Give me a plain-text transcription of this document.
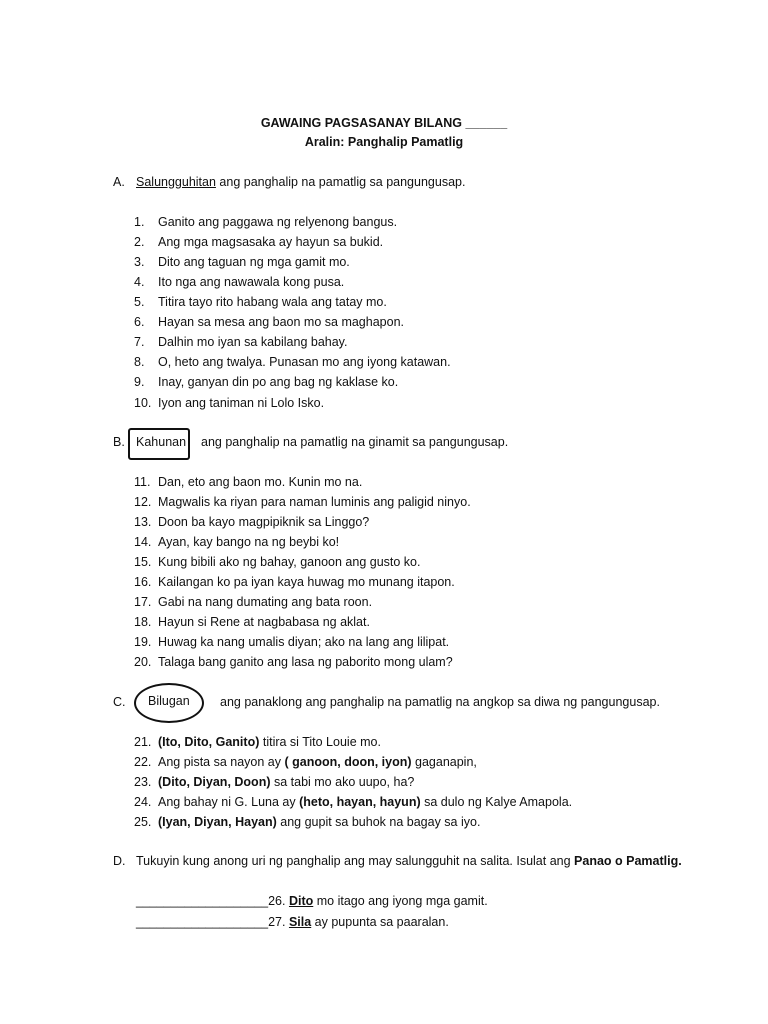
GAWAING PAGSASANAY BILANG ______
Aralin: Panghalip Pamatlig
A. Salungguhitan ang panghalip na pamatlig sa pangungusap.
1.	Ganito ang paggawa ng relyenong bangus.
2.	Ang mga magsasaka ay hayun sa bukid.
3.	Dito ang taguan ng mga gamit mo.
4.	Ito nga ang nawawala kong pusa.
5.	Titira tayo rito habang wala ang tatay mo.
6.	Hayan sa mesa ang baon mo sa maghapon.
7.	Dalhin mo iyan sa kabilang bahay.
8.	O, heto ang twalya. Punasan mo ang iyong katawan.
9.	Inay, ganyan din po ang bag ng kaklase ko.
10. Iyon ang taniman ni Lolo Isko.
B. Kahunan ang panghalip na pamatlig na ginamit sa pangungusap.
11. Dan, eto ang baon mo. Kunin mo na.
12. Magwalis ka riyan para naman luminis ang paligid ninyo.
13. Doon ba kayo magpipiknik sa Linggo?
14. Ayan, kay bango na ng beybi ko!
15. Kung bibili ako ng bahay, ganoon ang gusto ko.
16. Kailangan ko pa iyan kaya huwag mo munang itapon.
17. Gabi na nang dumating ang bata roon.
18. Hayun si Rene at nagbabasa ng aklat.
19. Huwag ka nang umalis diyan; ako na lang ang lilipat.
20. Talaga bang ganito ang lasa ng paborito mong ulam?
C. Bilugan ang panaklong ang panghalip na pamatlig na angkop sa diwa ng pangungusap.
21. (Ito, Dito, Ganito) titira si Tito Louie mo.
22. Ang pista sa nayon ay ( ganoon, doon, iyon) gaganapin,
23. (Dito, Diyan, Doon) sa tabi mo ako uupo, ha?
24. Ang bahay ni G. Luna ay (heto, hayan, hayun) sa dulo ng Kalye Amapola.
25. (Iyan, Diyan, Hayan) ang gupit sa buhok na bagay sa iyo.
D. Tukuyin kung anong uri ng panghalip ang may salungguhit na salita. Isulat ang Panao o Pamatlig.
___________________26. Dito mo itago ang iyong mga gamit.
___________________27. Sila ay pupunta sa paaralan.
